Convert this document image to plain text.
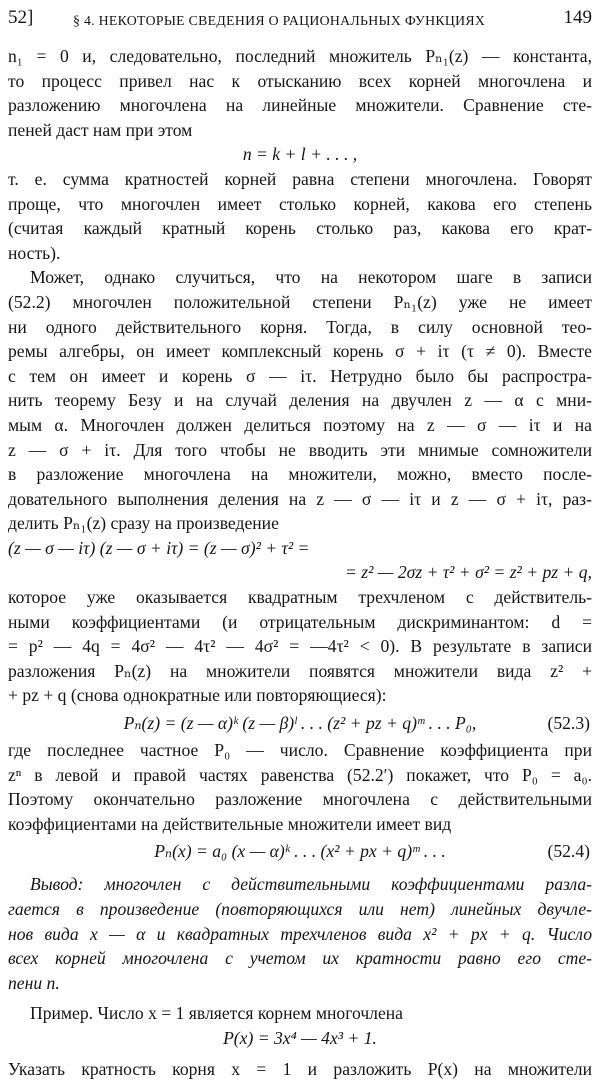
52]	§ 4. НЕКОТОРЫЕ СВЕДЕНИЯ О РАЦИОНАЛЬНЫХ ФУНКЦИЯХ	149
n₁ = 0 и, следовательно, последний множитель Pₙ₁(z) — константа,
то процесс привел нас к отысканию всех корней многочлена и
разложению многочлена на линейные множители. Сравнение сте-
пеней даст нам при этом
n = k + l + . . . ,
т. е. сумма кратностей корней равна степени многочлена. Говорят
проще, что многочлен имеет столько корней, какова его степень
(считая каждый кратный корень столько раз, какова его крат-
ность).
Может, однако случиться, что на некотором шаге в записи
(52.2) многочлен положительной степени Pₙ₁(z) уже не имеет
ни одного действительного корня. Тогда, в силу основной тео-
ремы алгебры, он имеет комплексный корень σ + iτ (τ ≠ 0). Вместе
с тем он имеет и корень σ — iτ. Нетрудно было бы распростра-
нить теорему Безу и на случай деления на двучлен z — α с мни-
мым α. Многочлен должен делиться поэтому на z — σ — iτ и на
z — σ + iτ. Для того чтобы не вводить эти мнимые сомножители
в разложение многочлена на множители, можно, вместо после-
довательного выполнения деления на z — σ — iτ и z — σ + iτ, раз-
делить Pₙ₁(z) сразу на произведение
(z — σ — iτ) (z — σ + iτ) = (z — σ)² + τ² =
= z² — 2σz + τ² + σ² = z² + pz + q,
которое уже оказывается квадратным трехчленом с действитель-
ными коэффициентами (и отрицательным дискриминантом: d =
= p² — 4q = 4σ² — 4τ² — 4σ² = —4τ² < 0). В результате в записи
разложения Pₙ(z) на множители появятся множители вида z² +
+ pz + q (снова однократные или повторяющиеся):
Pₙ(z) = (z — α)ᵏ (z — β)ˡ . . . (z² + pz + q)ᵐ . . . P₀,	(52.3)
где последнее частное P₀ — число. Сравнение коэффициента при
zⁿ в левой и правой частях равенства (52.2′) покажет, что P₀ = a₀.
Поэтому окончательно разложение многочлена с действительными
коэффициентами на действительные множители имеет вид
Pₙ(x) = a₀ (x — α)ᵏ . . . (x² + px + q)ᵐ . . .	(52.4)
Вывод: многочлен с действительными коэффициентами разла-
гается в произведение (повторяющихся или нет) линейных двучле-
нов вида x — α и квадратных трехчленов вида x² + px + q. Число
всех корней многочлена с учетом их кратности равно его сте-
пени n.
Пример. Число x = 1 является корнем многочлена
P(x) = 3x⁴ — 4x³ + 1.
Указать кратность корня x = 1 и разложить P(x) на множители
